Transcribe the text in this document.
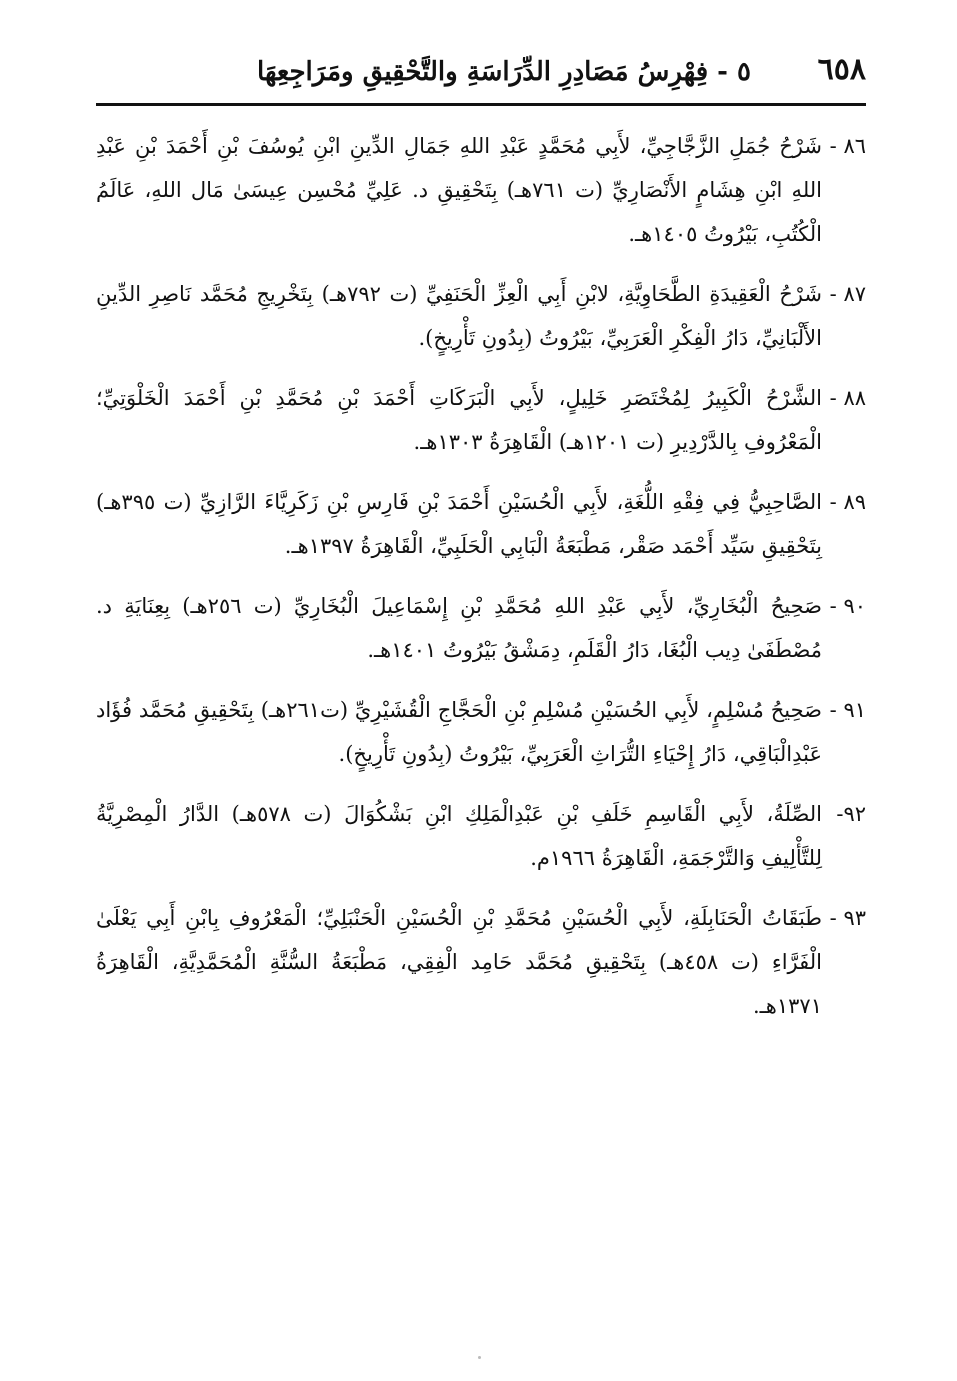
٦٥٨
٥ - فِهْرِسُ مَصَادِرِ الدِّرَاسَةِ والتَّحْقِيقِ ومَرَاجِعِهَا
٨٦ -
شَرْحُ جُمَلِ الزَّجَّاجِيِّ، لأَبِي مُحَمَّدٍ عَبْدِ اللهِ جَمَالِ الدِّينِ ابْنِ يُوسُفَ بْنِ أَحْمَدَ بْنِ عَبْدِ اللهِ ابْنِ هِشَامٍ الأَنْصَارِيِّ (ت ٧٦١هـ) بِتَحْقِيقِ د. عَلِيِّ مُحْسِن عِيسَىٰ مَال اللهِ، عَالَمُ الْكُتُبِ، بَيْرُوتُ ١٤٠٥هـ.
٨٧ -
شَرْحُ الْعَقِيدَةِ الطَّحَاوِيَّةِ، لابْنِ أَبِي الْعِزِّ الْحَنَفِيِّ (ت ٧٩٢هـ) بِتَخْرِيجِ مُحَمَّد نَاصِرِ الدِّينِ الأَلْبَانِيِّ، دَارُ الْفِكْرِ الْعَرَبِيِّ، بَيْرُوتُ (بِدُونِ تَأْرِيخٍ).
٨٨ -
الشَّرْحُ الْكَبِيرُ لِمُخْتَصَرِ خَلِيلٍ، لأَبِي الْبَرَكَاتِ أَحْمَدَ بْنِ مُحَمَّدِ بْنِ أَحْمَدَ الْخَلْوَتِيِّ؛ الْمَعْرُوفِ بِالدَّرْدِيرِ (ت ١٢٠١هـ) الْقَاهِرَةُ ١٣٠٣هـ.
٨٩ -
الصَّاحِبِيُّ فِي فِقْهِ اللُّغَةِ، لأَبِي الْحُسَيْنِ أَحْمَدَ بْنِ فَارِسِ بْنِ زَكَرِيَّاءَ الرَّازِيِّ (ت ٣٩٥هـ) بِتَحْقِيقِ سَيِّد أَحْمَد صَقْر، مَطْبَعَةُ الْبَابِي الْحَلَبِيِّ، الْقَاهِرَةُ ١٣٩٧هـ.
٩٠ -
صَحِيحُ الْبُخَارِيِّ، لأَبِي عَبْدِ اللهِ مُحَمَّدِ بْنِ إِسْمَاعِيلَ الْبُخَارِيِّ (ت ٢٥٦هـ) بِعِنَايَةِ د. مُصْطَفَىٰ دِيب الْبُغَا، دَارُ الْقَلَمِ، دِمَشْقُ بَيْرُوتُ ١٤٠١هـ.
٩١ -
صَحِيحُ مُسْلِمٍ، لأَبِي الحُسَيْنِ مُسْلِمِ بْنِ الْحَجَّاجِ الْقُشَيْرِيِّ (ت٢٦١هـ) بِتَحْقِيقِ مُحَمَّد فُؤَاد عَبْدِالْبَاقِي، دَارُ إِحْيَاءِ التُّرَاثِ الْعَرَبِيِّ، بَيْرُوتُ (بِدُونِ تَأْرِيخٍ).
٩٢-
الصِّلَةُ، لأَبِي الْقَاسِمِ خَلَفِ بْنِ عَبْدِالْمَلِكِ ابْنِ بَشْكُوَالَ (ت ٥٧٨هـ) الدَّارُ الْمِصْرِيَّةُ لِلتَّأْلِيفِ وَالتَّرْجَمَةِ، الْقَاهِرَةُ ١٩٦٦م.
٩٣ -
طَبَقَاتُ الْحَنَابِلَةِ، لأَبِي الْحُسَيْنِ مُحَمَّدِ بْنِ الْحُسَيْنِ الْحَنْبَلِيِّ؛ الْمَعْرُوفِ بِابْنِ أَبِي يَعْلَىٰ الْفَرَّاءِ (ت ٤٥٨هـ) بِتَحْقِيقِ مُحَمَّد حَامِد الْفِقِي، مَطْبَعَةُ السُّنَّةِ الْمُحَمَّدِيَّةِ، الْقَاهِرَةُ ١٣٧١هـ.
